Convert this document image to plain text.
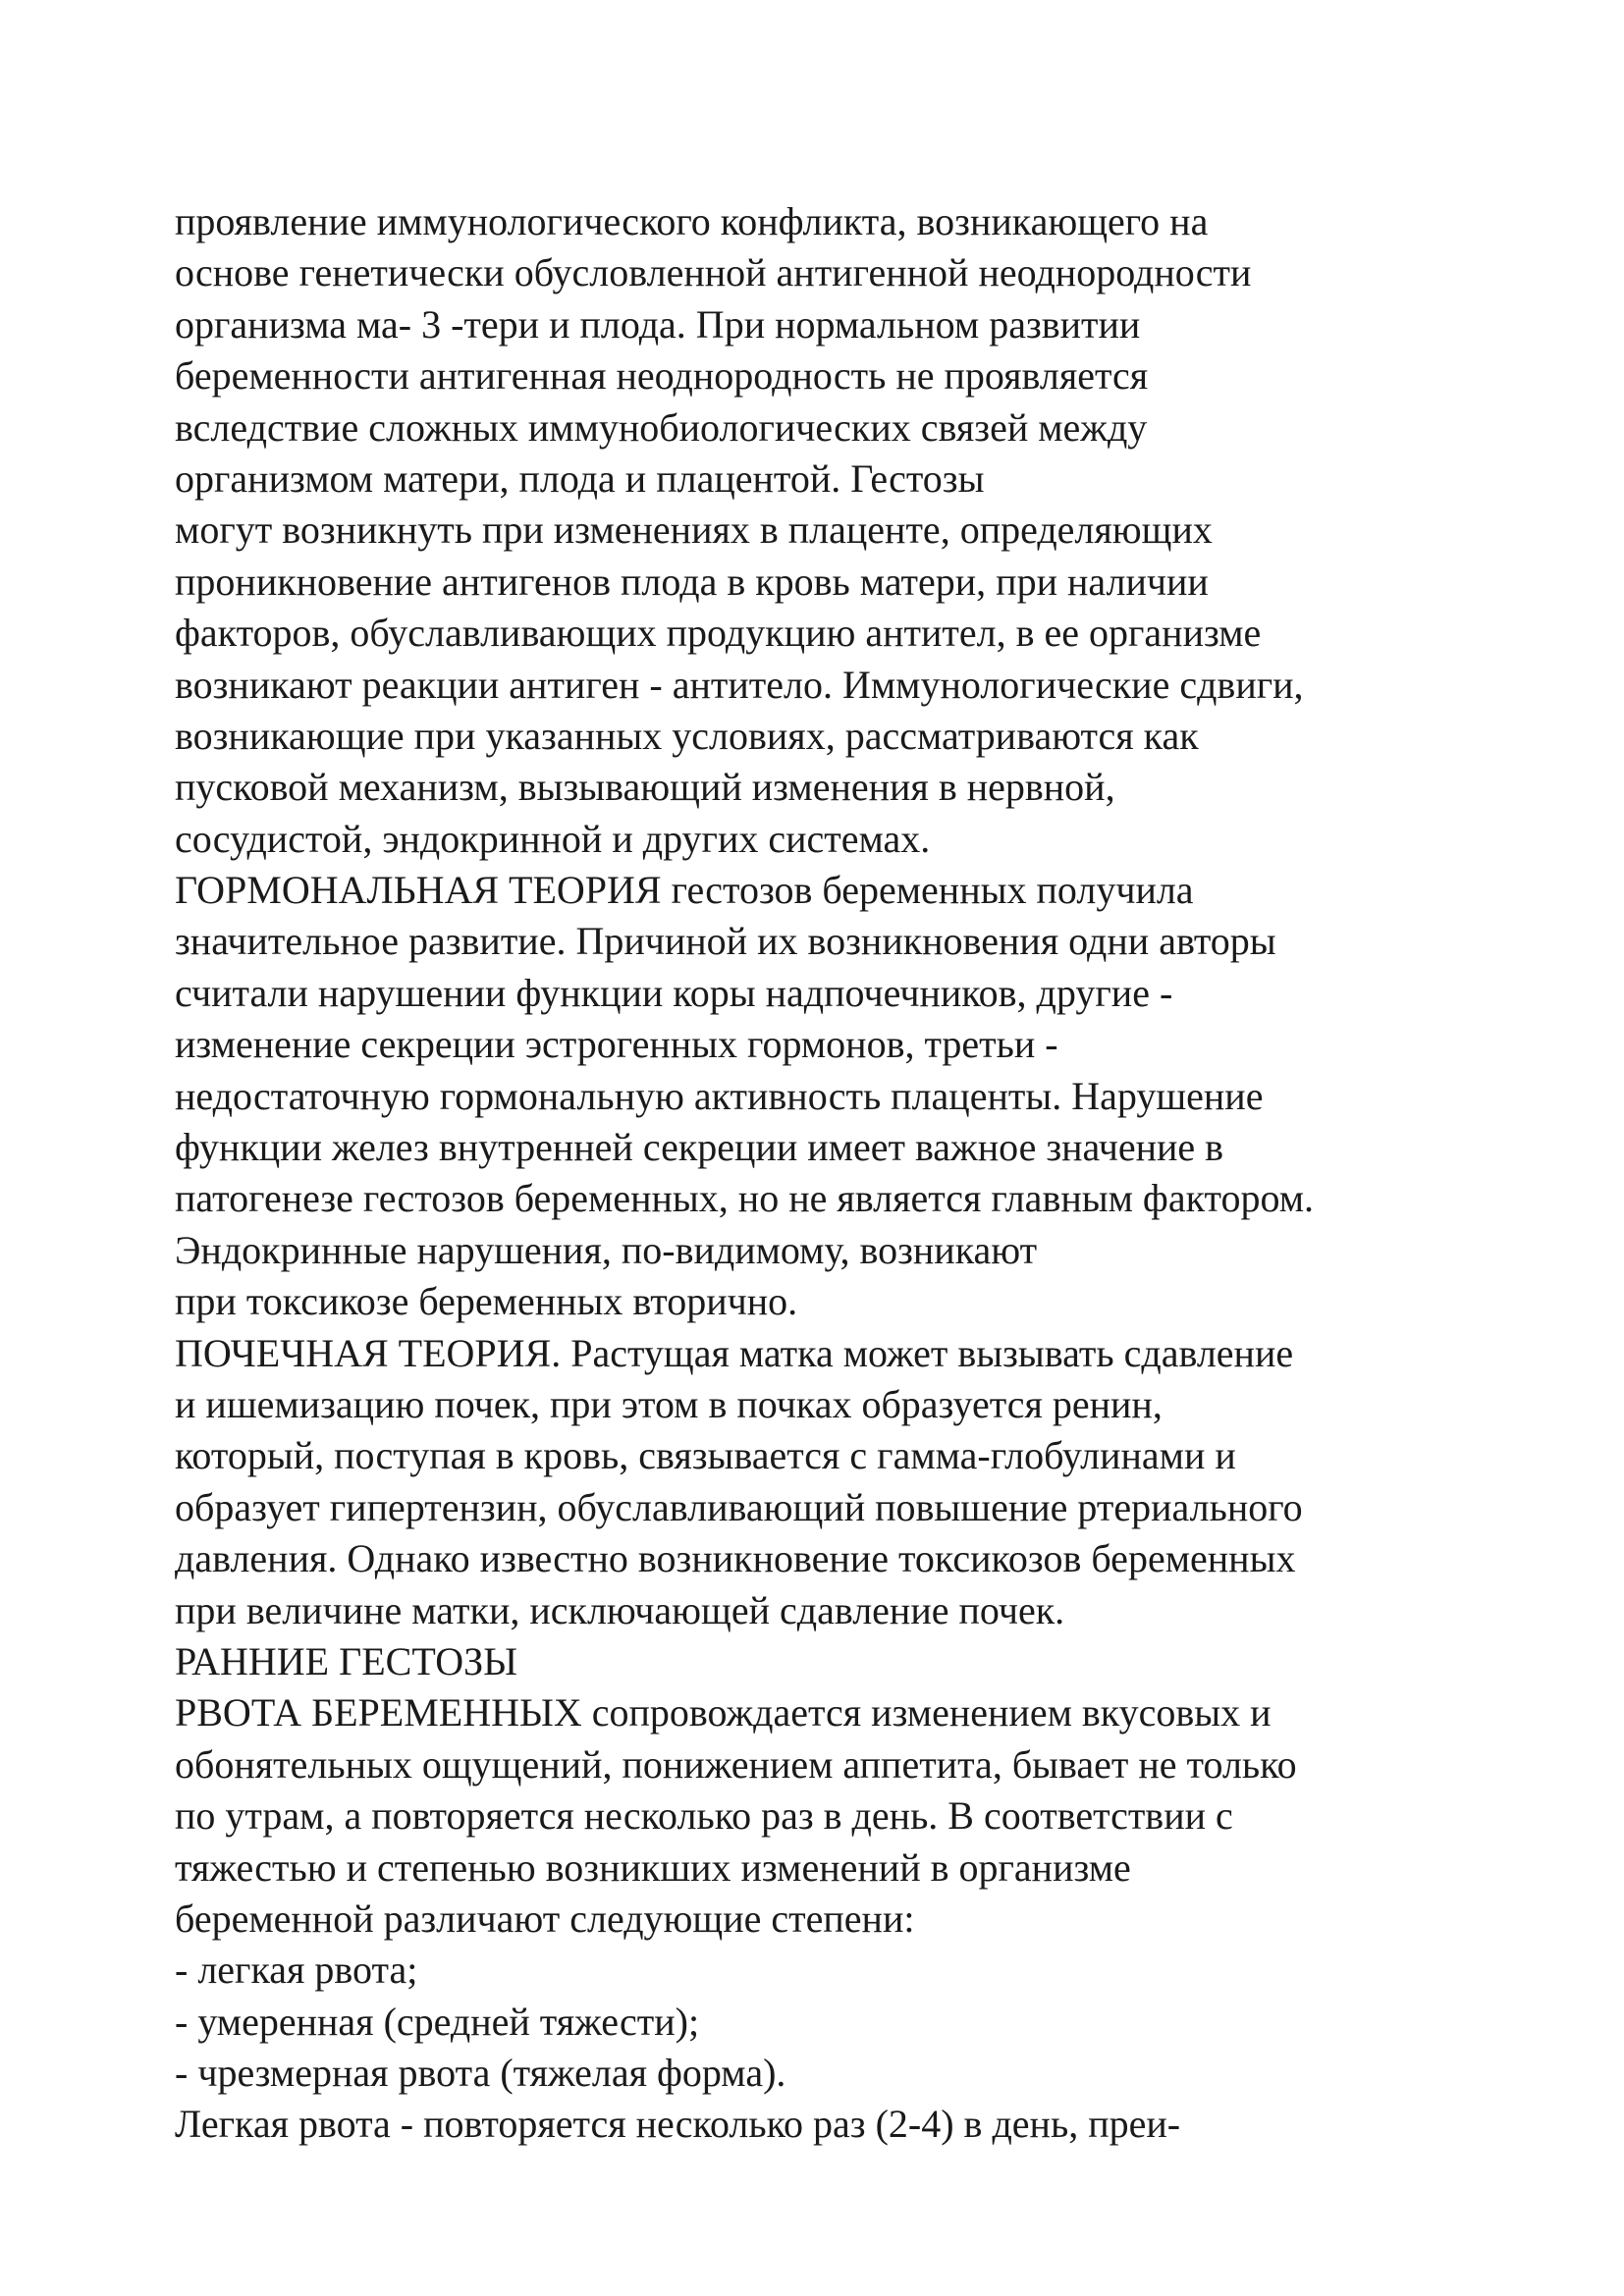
проявление иммунологического конфликта, возникающего на
основе генетически обусловленной антигенной неоднородности
организма ма- 3 -тери и плода. При нормальном развитии
беременности антигенная неоднородность не проявляется
вследствие сложных иммунобиологических связей между
организмом матери, плода и плацентой. Гестозы
могут возникнуть при изменениях в плаценте, определяющих
проникновение антигенов плода в кровь матери, при наличии
факторов, обуславливающих продукцию антител, в ее организме
возникают реакции антиген - антитело. Иммунологические сдвиги,
возникающие при указанных условиях, рассматриваются как
пусковой механизм, вызывающий изменения в нервной,
сосудистой, эндокринной и других системах.
ГОРМОНАЛЬНАЯ ТЕОРИЯ гестозов беременных получила
значительное развитие. Причиной их возникновения одни авторы
считали нарушении функции коры надпочечников, другие -
изменение секреции эстрогенных гормонов, третьи -
недостаточную гормональную активность плаценты. Нарушение
функции желез внутренней секреции имеет важное значение в
патогенезе гестозов беременных, но не является главным фактором.
Эндокринные нарушения, по-видимому, возникают
при токсикозе беременных вторично.
ПОЧЕЧНАЯ ТЕОРИЯ. Растущая матка может вызывать сдавление
и ишемизацию почек, при этом в почках образуется ренин,
который, поступая в кровь, связывается с гамма-глобулинами и
образует гипертензин, обуславливающий повышение ртериального
давления. Однако известно возникновение токсикозов беременных
при величине матки, исключающей сдавление почек.
РАННИЕ ГЕСТОЗЫ
РВОТА БЕРЕМЕННЫХ сопровождается изменением вкусовых и
обонятельных ощущений, понижением аппетита, бывает не только
по утрам, а повторяется несколько раз в день. В соответствии с
тяжестью и степенью возникших изменений в организме
беременной различают следующие степени:
- легкая рвота;
- умеренная (средней тяжести);
- чрезмерная рвота (тяжелая форма).
Легкая рвота - повторяется несколько раз (2-4) в день, преи-
